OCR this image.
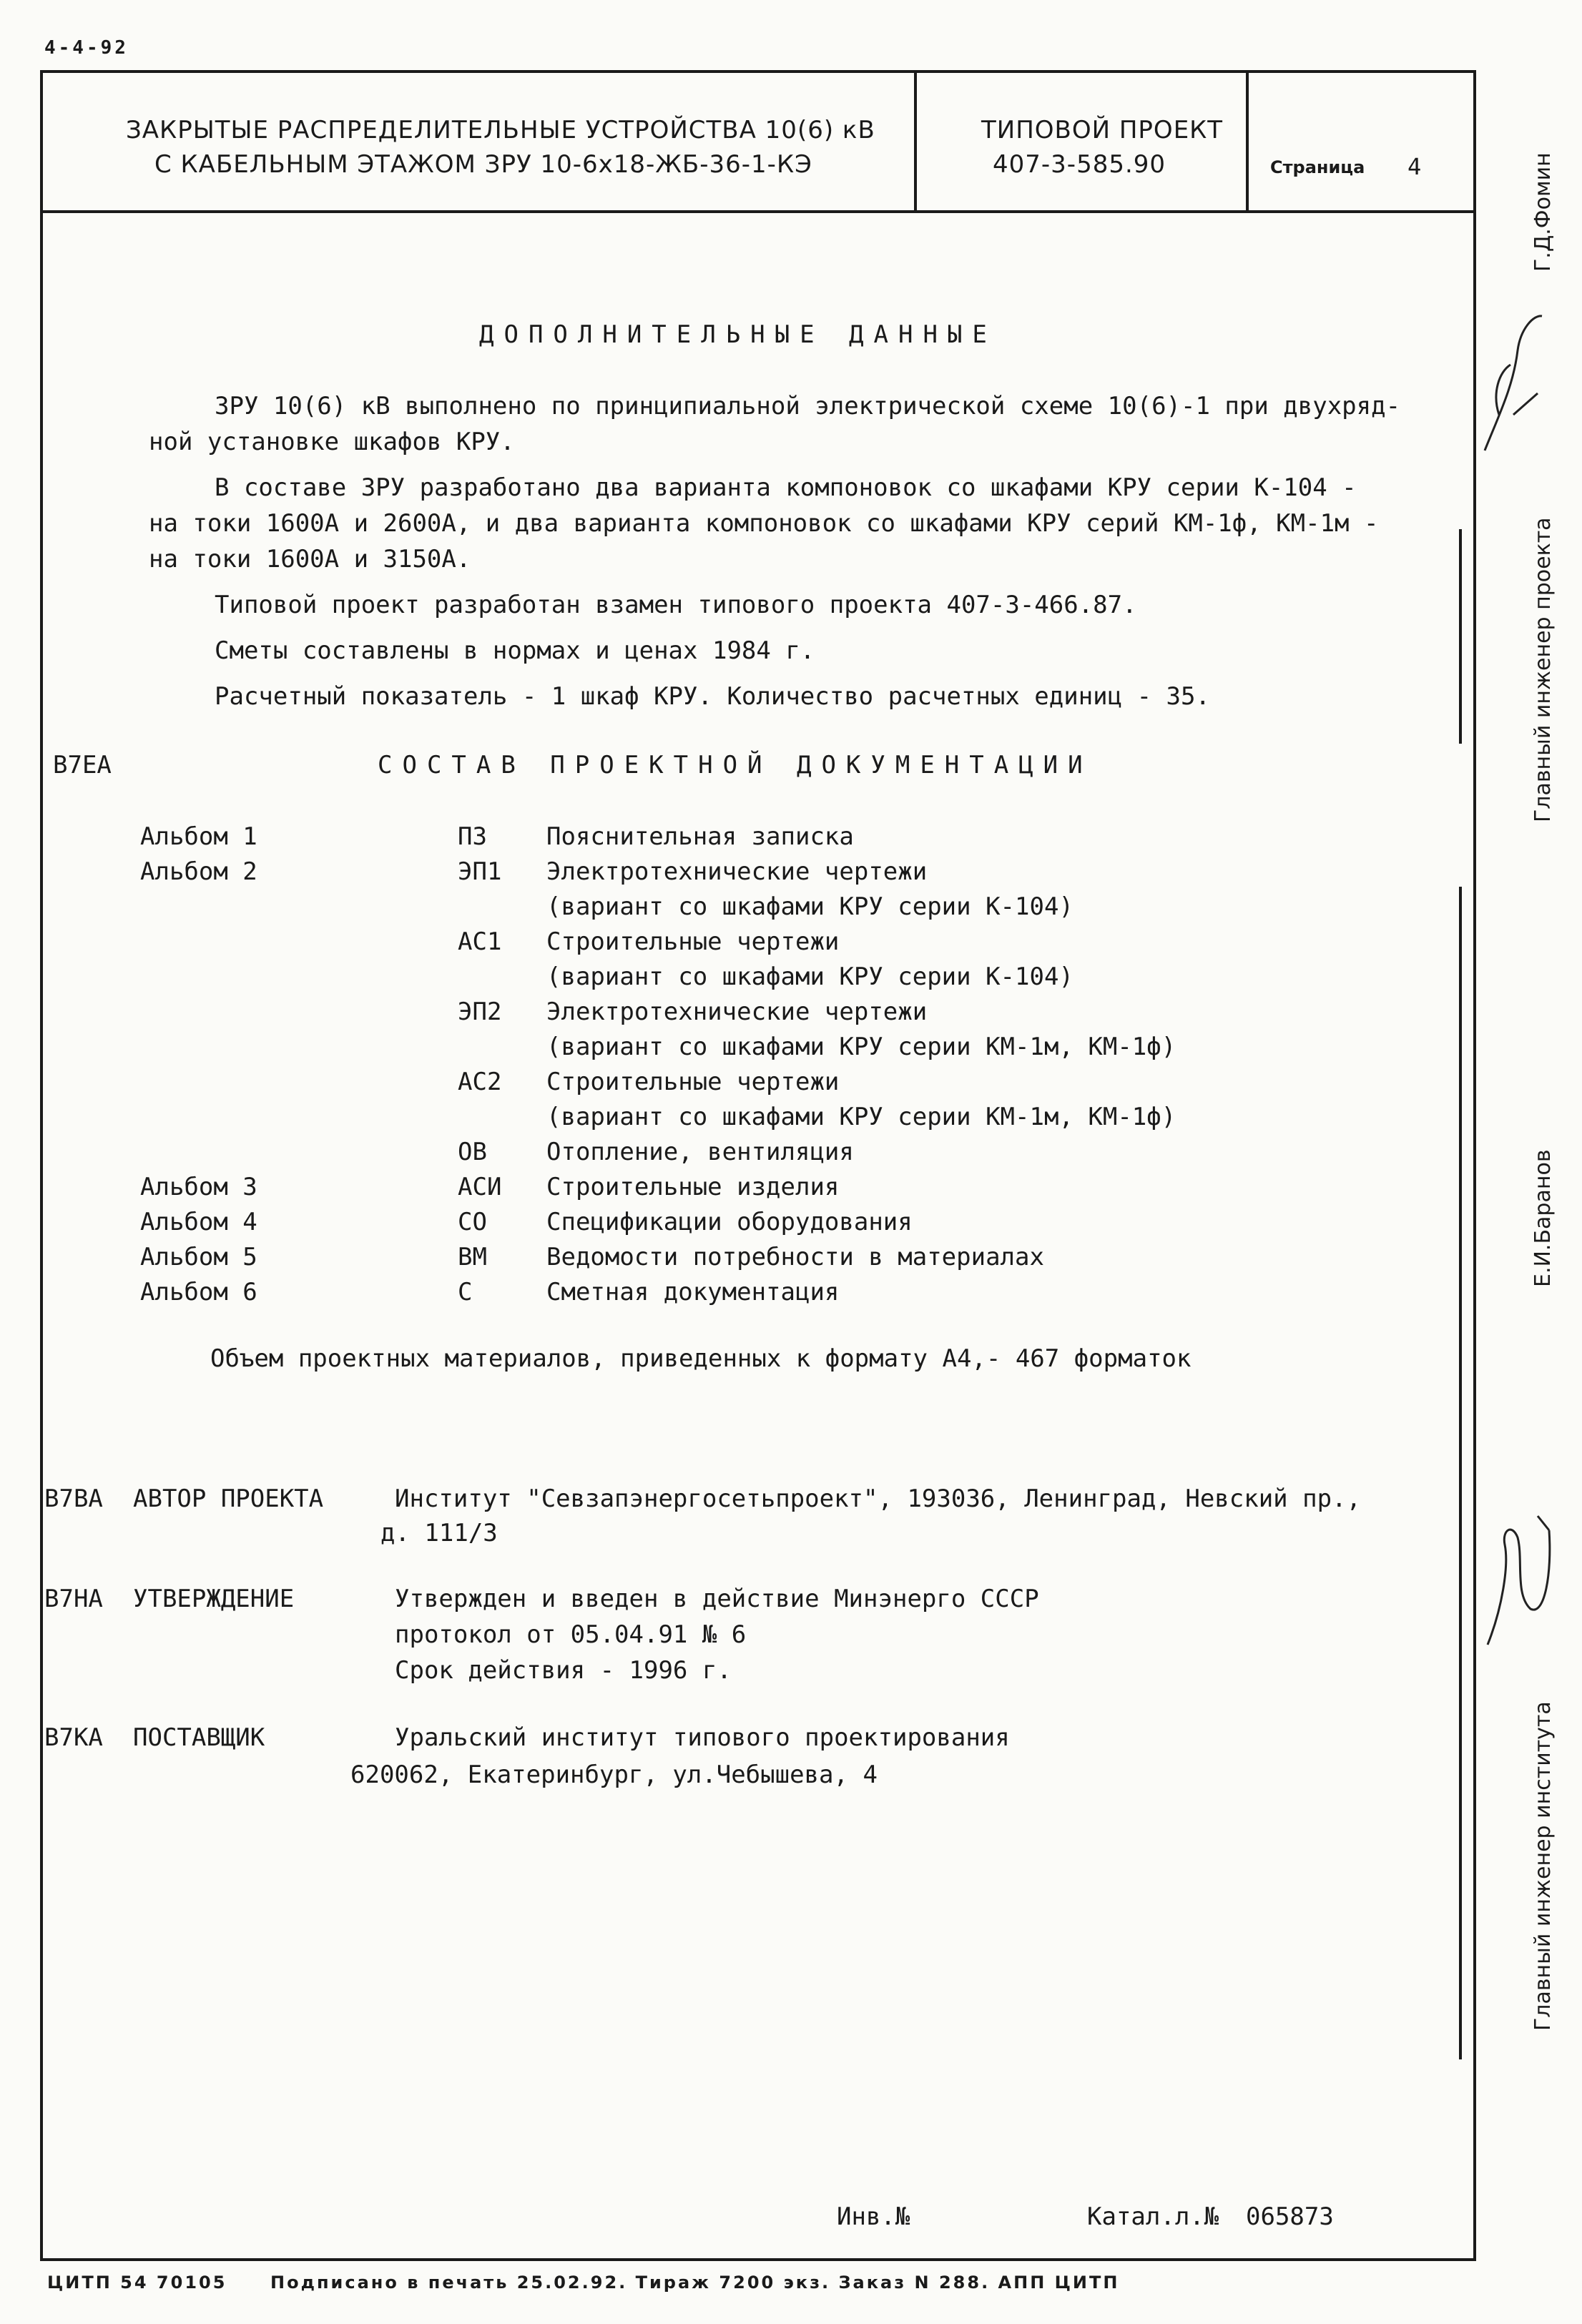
4-4-92
ЗАКРЫТЫЕ РАСПРЕДЕЛИТЕЛЬНЫЕ УСТРОЙСТВА 10(6) кВ
С КАБЕЛЬНЫМ ЭТАЖОМ ЗРУ 10-6х18-ЖБ-36-1-КЭ
ТИПОВОЙ ПРОЕКТ
407-3-585.90	Страница 4
ДОПОЛНИТЕЛЬНЫЕ ДАННЫЕ
ЗРУ 10(6) кВ выполнено по принципиальной электрической схеме 10(6)-1 при двухряд-
ной установке шкафов КРУ.
В составе ЗРУ разработано два варианта компоновок со шкафами КРУ серии К-104 -
на токи 1600А и 2600А, и два варианта компоновок со шкафами КРУ серий КМ-1ф, КМ-1м -
на токи 1600А и 3150А.
Типовой проект разработан взамен типового проекта 407-3-466.87.
Сметы составлены в нормах и ценах 1984 г.
Расчетный показатель - 1 шкаф КРУ. Количество расчетных единиц - 35.
В7ЕА	СОСТАВ ПРОЕКТНОЙ ДОКУМЕНТАЦИИ
Альбом 1	ПЗ Пояснительная записка
Альбом 2	ЭП1 Электротехнические чертежи
(вариант со шкафами КРУ серии К-104)
АС1 Строительные чертежи
(вариант со шкафами КРУ серии К-104)
ЭП2 Электротехнические чертежи
(вариант со шкафами КРУ серии КМ-1м, КМ-1ф)
АС2 Строительные чертежи
(вариант со шкафами КРУ серии КМ-1м, КМ-1ф)
ОВ Отопление, вентиляция
Альбом 3	АСИ Строительные изделия
Альбом 4	СО Спецификации оборудования
Альбом 5	ВМ Ведомости потребности в материалах
Альбом 6	С	Сметная документация
Объем проектных материалов, приведенных к формату А4,- 467 форматок
В7ВА АВТОР ПРОЕКТА	Институт "Севзапэнергосетьпроект", 193036, Ленинград, Невский пр.,
д. 111/3
В7НА УТВЕРЖДЕНИЕ	Утвержден и введен в действие Минэнерго СССР
протокол от 05.04.91 № 6
Срок действия - 1996 г.
В7КА ПОСТАВЩИК	Уральский институт типового проектирования
620062, Екатеринбург, ул.Чебышева, 4
Инв.№	Катал.л.№ 065873
ЦИТП 54 70105	Подписано в печать 25.02.92. Тираж 7200 экз. Заказ N 288. АПП ЦИТП
Г.Д.Фомин
Главный инженер проекта
Е.И.Баранов
Главный инженер института
